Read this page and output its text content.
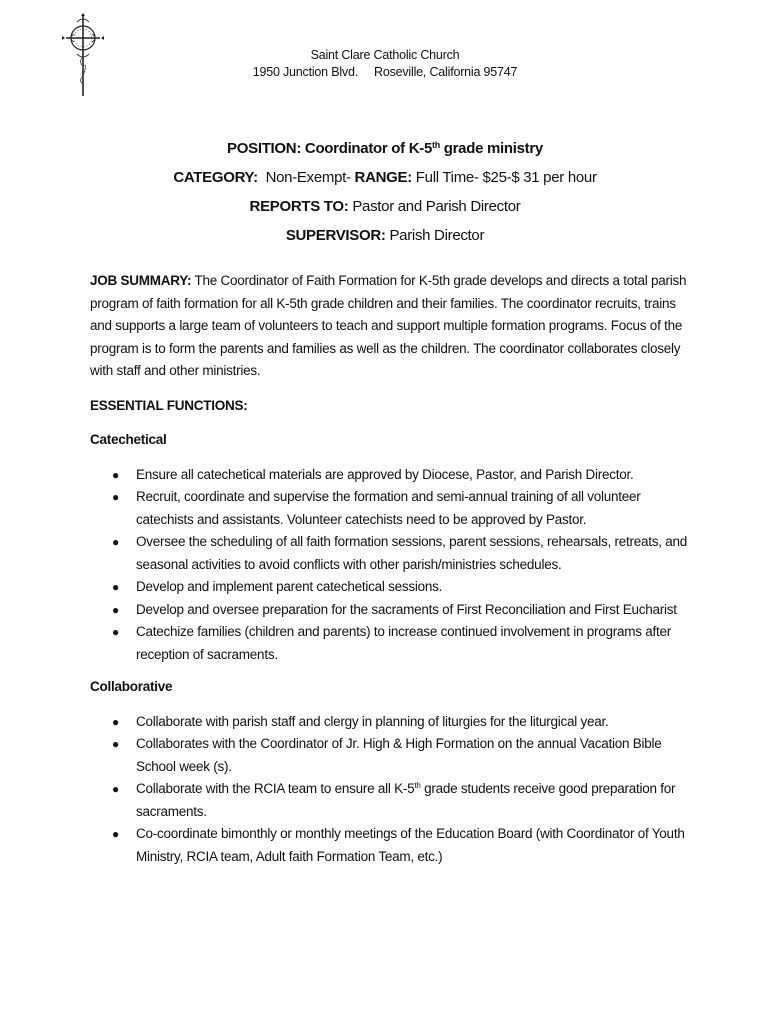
Saint Clare Catholic Church
1950 Junction Blvd. Roseville, California 95747
POSITION: Coordinator of K-5th grade ministry
CATEGORY: Non-Exempt- RANGE: Full Time- $25-$ 31 per hour
REPORTS TO: Pastor and Parish Director
SUPERVISOR: Parish Director

JOB SUMMARY: The Coordinator of Faith Formation for K-5th grade develops and directs a total parish program of faith formation for all K-5th grade children and their families. The coordinator recruits, trains and supports a large team of volunteers to teach and support multiple formation programs. Focus of the program is to form the parents and families as well as the children. The coordinator collaborates closely with staff and other ministries.

ESSENTIAL FUNCTIONS:

Catechetical

● Ensure all catechetical materials are approved by Diocese, Pastor, and Parish Director.
● Recruit, coordinate and supervise the formation and semi-annual training of all volunteer catechists and assistants. Volunteer catechists need to be approved by Pastor.
● Oversee the scheduling of all faith formation sessions, parent sessions, rehearsals, retreats, and seasonal activities to avoid conflicts with other parish/ministries schedules.
● Develop and implement parent catechetical sessions.
● Develop and oversee preparation for the sacraments of First Reconciliation and First Eucharist
● Catechize families (children and parents) to increase continued involvement in programs after reception of sacraments.

Collaborative

● Collaborate with parish staff and clergy in planning of liturgies for the liturgical year.
● Collaborates with the Coordinator of Jr. High & High Formation on the annual Vacation Bible School week (s).
● Collaborate with the RCIA team to ensure all K-5th grade students receive good preparation for sacraments.
● Co-coordinate bimonthly or monthly meetings of the Education Board (with Coordinator of Youth Ministry, RCIA team, Adult faith Formation Team, etc.)
